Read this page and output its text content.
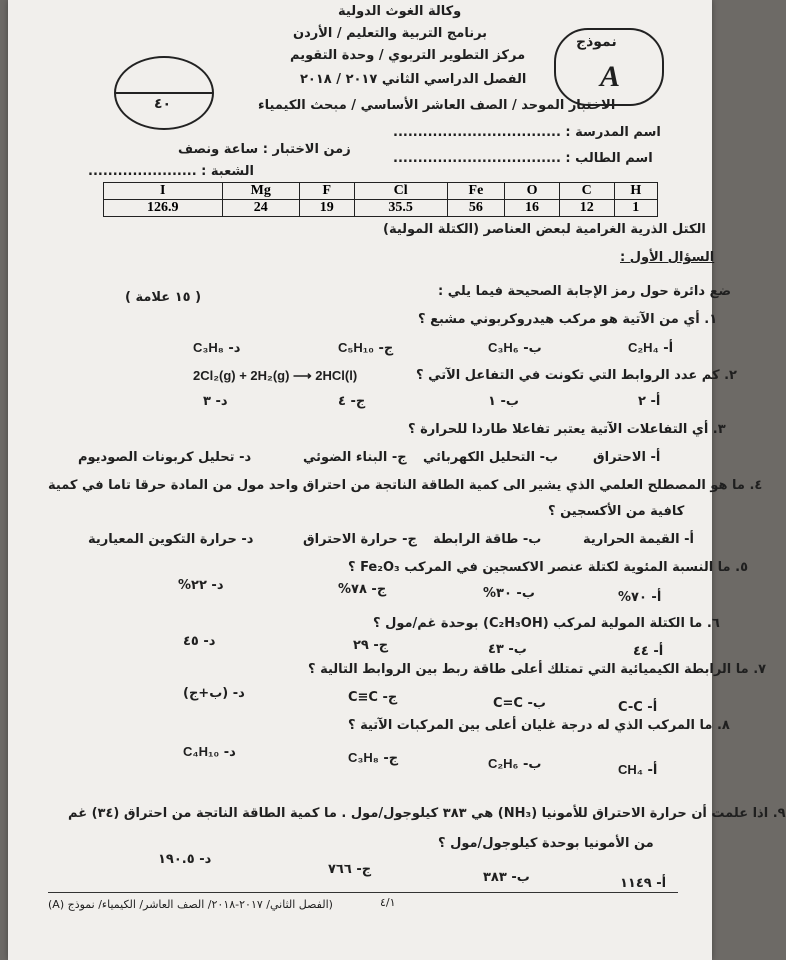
وكالة الغوث الدولية
برنامج التربية والتعليم / الأردن
مركز التطوير التربوي / وحدة التقويم
الفصل الدراسي الثاني ٢٠١٧ / ٢٠١٨
الاختبار الموحد / الصف العاشر الأساسي / مبحث الكيمياء
نموذج
A
٤٠
اسم المدرسة : ..................................
اسم الطالب : ..................................
زمن الاختبار : ساعة ونصف
الشعبة : ......................
I	Mg	F	Cl	Fe	O	C	H
126.9	24	19	35.5	56	16	12	1
الكتل الذرية الغرامية لبعض العناصر (الكتلة المولية)
السؤال الأول :
ضع دائرة حول رمز الإجابة الصحيحة فيما يلي :
( ١٥ علامة )
١. أي من الآتية هو مركب هيدروكربوني مشبع ؟
C₂H₄ أ-
C₃H₆ ب-
C₅H₁₀ ج-
C₃H₈ د-
٢. كم عدد الروابط التي تكونت في التفاعل الآتي ؟
2Cl₂(g) + 2H₂(g) ⟶ 2HCl(l)
أ- ٢
ب- ١
ج- ٤
د- ٣
٣. أي التفاعلات الآتية يعتبر تفاعلا طاردا للحرارة ؟
أ- الاحتراق
ب- التحليل الكهربائي
ج- البناء الضوئي
د- تحليل كربونات الصوديوم
٤. ما هو المصطلح العلمي الذي يشير الى كمية الطاقة الناتجة من احتراق واحد مول من المادة حرقا تاما في كمية
كافية من الأكسجين ؟
أ- القيمة الحرارية
ب- طاقة الرابطة
ج- حرارة الاحتراق
د- حرارة التكوين المعيارية
٥. ما النسبة المئوية لكتلة عنصر الاكسجين في المركب Fe₂O₃ ؟
أ- ٧٠%
ب- ٣٠%
ج- ٧٨%
د- ٢٢%
٦. ما الكتلة المولية لمركب (C₂H₃OH) بوحدة غم/مول ؟
أ- ٤٤
ب- ٤٣
ج- ٢٩
د- ٤٥
٧. ما الرابطة الكيميائية التي تمتلك أعلى طاقة ربط بين الروابط التالية ؟
أ- C-C
ب- C=C
ج- C≡C
د- (ب+ج)
٨. ما المركب الذي له درجة غليان أعلى بين المركبات الآتية ؟
CH₄ أ-
C₂H₆ ب-
C₃H₈ ج-
C₄H₁₀ د-
٩. اذا علمت أن حرارة الاحتراق للأمونيا (NH₃) هي ٣٨٣ كيلوجول/مول . ما كمية الطاقة الناتجة من احتراق (٣٤) غم
من الأمونيا بوحدة كيلوجول/مول ؟
أ- ١١٤٩
ب- ٣٨٣
ج- ٧٦٦
د- ١٩٠.٥
(الفصل الثاني/ ٢٠١٧-٢٠١٨/ الصف العاشر/ الكيمياء/ نموذج (A)	٤/١
